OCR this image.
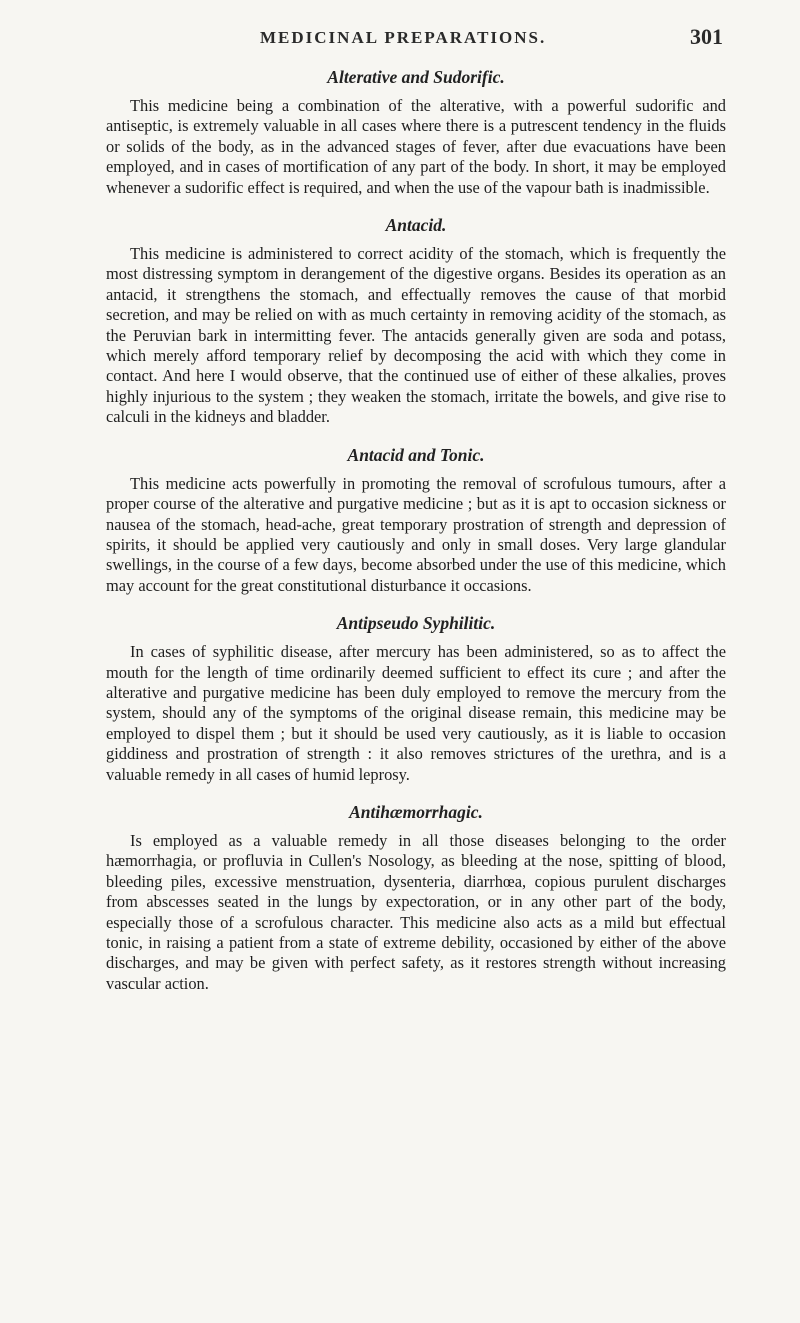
MEDICINAL PREPARATIONS.	301
Alterative and Sudorific.

This medicine being a combination of the alterative, with a powerful sudorific and antiseptic, is extremely valuable in all cases where there is a putrescent tendency in the fluids or solids of the body, as in the advanced stages of fever, after due evacuations have been employed, and in cases of mortification of any part of the body. In short, it may be employed whenever a sudorific effect is required, and when the use of the vapour bath is inadmissible.

Antacid.

This medicine is administered to correct acidity of the stomach, which is frequently the most distressing symptom in derangement of the digestive organs. Besides its operation as an antacid, it strengthens the stomach, and effectually removes the cause of that morbid secretion, and may be relied on with as much certainty in removing acidity of the stomach, as the Peruvian bark in intermitting fever. The antacids generally given are soda and potass, which merely afford temporary relief by decomposing the acid with which they come in contact. And here I would observe, that the continued use of either of these alkalies, proves highly injurious to the system ; they weaken the stomach, irritate the bowels, and give rise to calculi in the kidneys and bladder.

Antacid and Tonic.

This medicine acts powerfully in promoting the removal of scrofulous tumours, after a proper course of the alterative and purgative medicine ; but as it is apt to occasion sickness or nausea of the stomach, head-ache, great temporary prostration of strength and depression of spirits, it should be applied very cautiously and only in small doses. Very large glandular swellings, in the course of a few days, become absorbed under the use of this medicine, which may account for the great constitutional disturbance it occasions.

Antipseudo Syphilitic.

In cases of syphilitic disease, after mercury has been administered, so as to affect the mouth for the length of time ordinarily deemed sufficient to effect its cure ; and after the alterative and purgative medicine has been duly employed to remove the mercury from the system, should any of the symptoms of the original disease remain, this medicine may be employed to dispel them ; but it should be used very cautiously, as it is liable to occasion giddiness and prostration of strength : it also removes strictures of the urethra, and is a valuable remedy in all cases of humid leprosy.

Antihæmorrhagic.

Is employed as a valuable remedy in all those diseases belonging to the order hæmorrhagia, or profluvia in Cullen's Nosology, as bleeding at the nose, spitting of blood, bleeding piles, excessive menstruation, dysenteria, diarrhœa, copious purulent discharges from abscesses seated in the lungs by expectoration, or in any other part of the body, especially those of a scrofulous character. This medicine also acts as a mild but effectual tonic, in raising a patient from a state of extreme debility, occasioned by either of the above discharges, and may be given with perfect safety, as it restores strength without increasing vascular action.
